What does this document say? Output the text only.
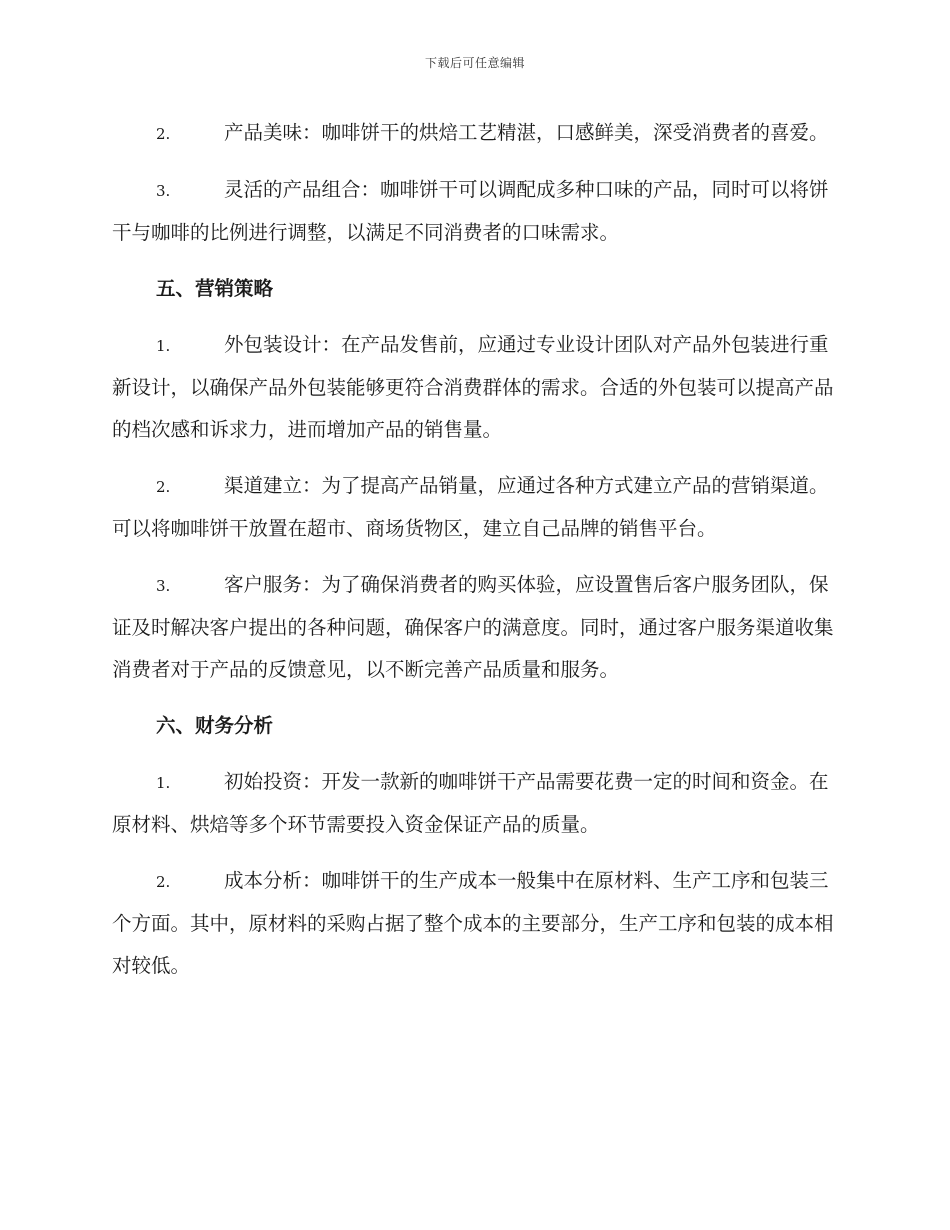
下载后可任意编辑

2.	产品美味：咖啡饼干的烘焙工艺精湛，口感鲜美，深受消费者的喜爱。

3.	灵活的产品组合：咖啡饼干可以调配成多种口味的产品，同时可以将饼干与咖啡的比例进行调整，以满足不同消费者的口味需求。

五、营销策略

1.	外包装设计：在产品发售前，应通过专业设计团队对产品外包装进行重新设计，以确保产品外包装能够更符合消费群体的需求。合适的外包装可以提高产品的档次感和诉求力，进而增加产品的销售量。

2.	渠道建立：为了提高产品销量，应通过各种方式建立产品的营销渠道。可以将咖啡饼干放置在超市、商场货物区，建立自己品牌的销售平台。

3.	客户服务：为了确保消费者的购买体验，应设置售后客户服务团队，保证及时解决客户提出的各种问题，确保客户的满意度。同时，通过客户服务渠道收集消费者对于产品的反馈意见，以不断完善产品质量和服务。

六、财务分析

1.	初始投资：开发一款新的咖啡饼干产品需要花费一定的时间和资金。在原材料、烘焙等多个环节需要投入资金保证产品的质量。

2.	成本分析：咖啡饼干的生产成本一般集中在原材料、生产工序和包装三个方面。其中，原材料的采购占据了整个成本的主要部分，生产工序和包装的成本相对较低。
